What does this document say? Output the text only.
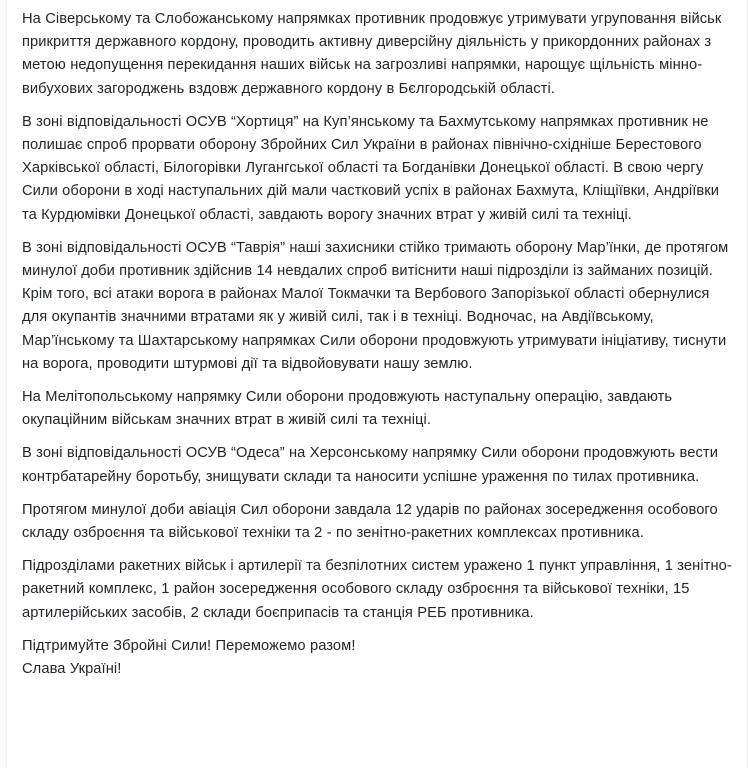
На Сіверському та Слобожанському напрямках противник продовжує утримувати угруповання військ прикриття державного кордону, проводить активну диверсійну діяльність у прикордонних районах з метою недопущення перекидання наших військ на загрозливі напрямки, нарощує щільність мінно-вибухових загороджень вздовж державного кордону в Бєлгородській області.

В зоні відповідальності ОСУВ “Хортиця” на Куп’янському та Бахмутському напрямках противник не полишає спроб прорвати оборону Збройних Сил України в районах північно-східніше Берестового Харківської області, Білогорівки Лугангської області та Богданівки Донецької області. В свою чергу Сили оборони в ході наступальних дій мали частковий успіх в районах Бахмута, Кліщіївки, Андріївки та Курдюмівки Донецької області, завдають ворогу значних втрат у живій силі та техніці.

В зоні відповідальності ОСУВ “Таврія” наші захисники стійко тримають оборону Мар’їнки, де протягом минулої доби противник здійснив 14 невдалих спроб витіснити наші підрозділи із займаних позицій. Крім того, всі атаки ворога в районах Малої Токмачки та Вербового Запорізької області обернулися для окупантів значними втратами як у живій силі, так і в техніці. Водночас, на Авдіївському, Мар’їнському та Шахтарському напрямках Сили оборони продовжують утримувати ініціативу, тиснути на ворога, проводити штурмові дії та відвойовувати нашу землю.

На Мелітопольському напрямку Сили оборони продовжують наступальну операцію, завдають окупаційним військам значних втрат в живій силі та техніці.

В зоні відповідальності ОСУВ “Одеса” на Херсонському напрямку Сили оборони продовжують вести контрбатарейну боротьбу, знищувати склади та наносити успішне ураження по тилах противника.

Протягом минулої доби авіація Сил оборони завдала 12 ударів по районах зосередження особового складу озброєння та військової техніки та 2 - по зенітно-ракетних комплексах противника.

Підрозділами ракетних військ і артилерії та безпілотних систем уражено 1 пункт управління, 1 зенітно-ракетний комплекс, 1 район зосередження особового складу озброєння та військової техніки, 15 артилерійських засобів, 2 склади боєприпасів та станція РЕБ противника.

Підтримуйте Збройні Сили! Переможемо разом!

Слава Україні!
